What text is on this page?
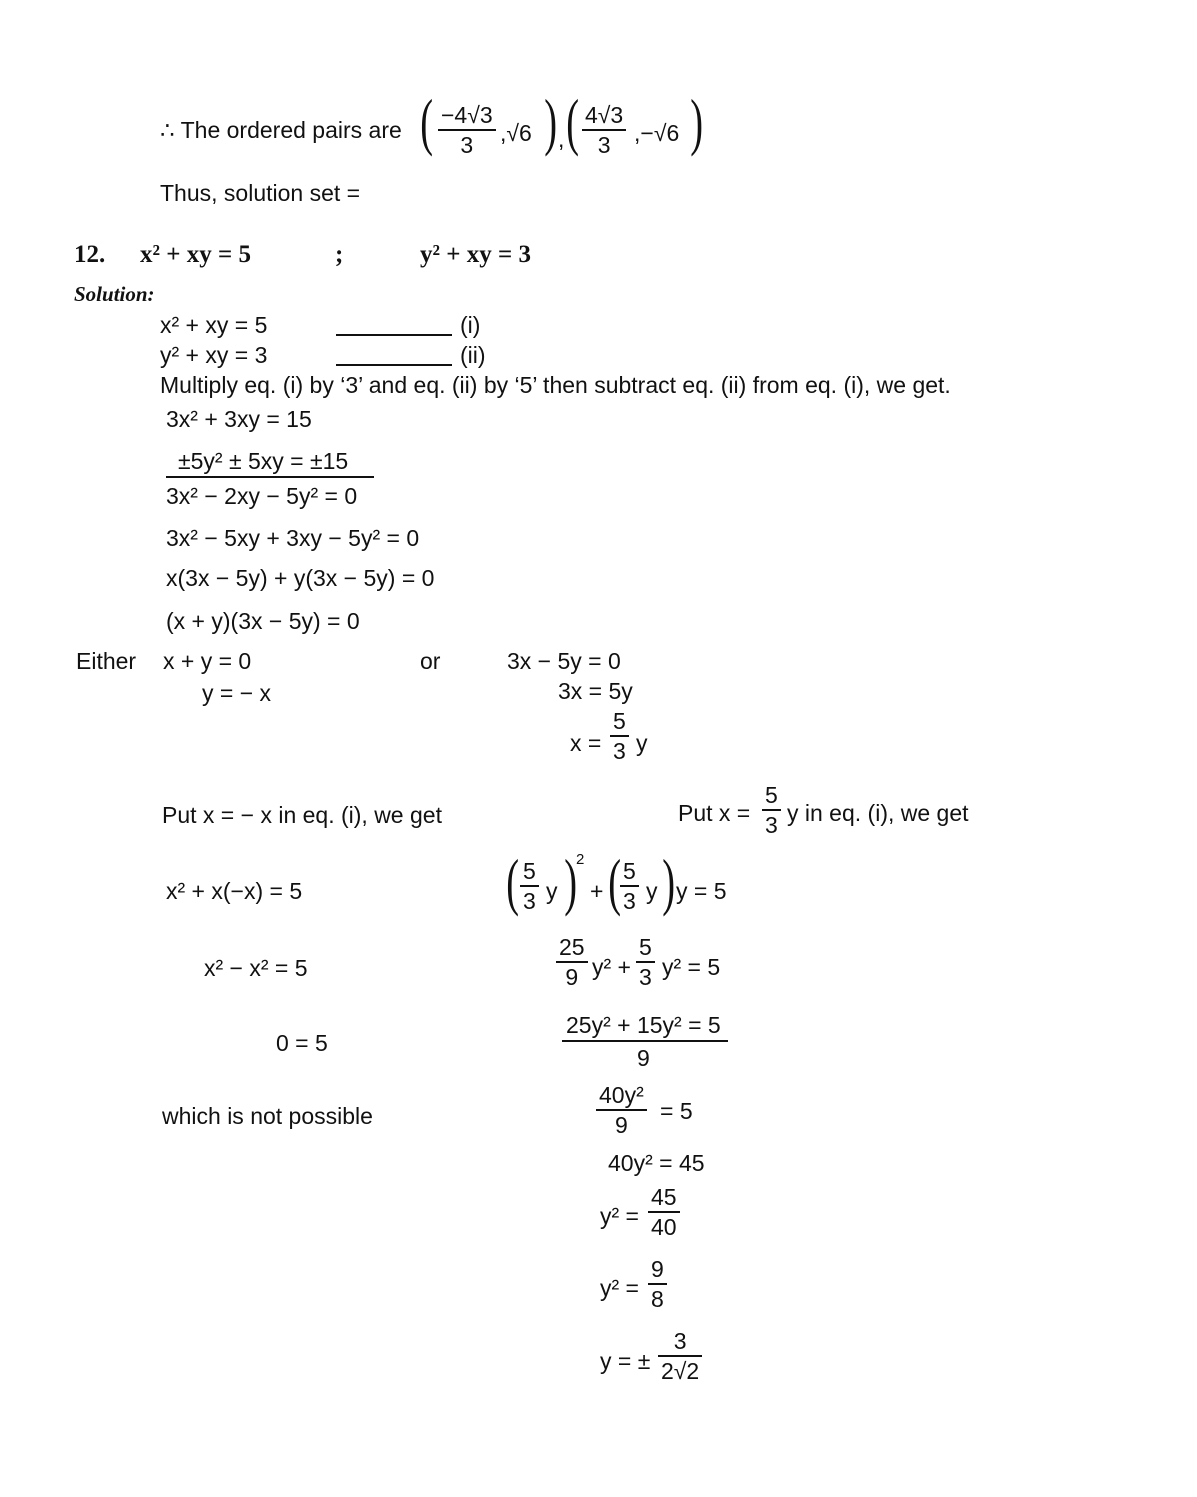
∴ The ordered pairs are ( $\frac{-4√3}{3} ,√6$ ) , ( $\frac{4√3}{3} ,-√6$ )
Thus, solution set =
12. x² + xy = 5	;	y² + xy = 3
Solution:
x² + xy = 5	(i)
y² + xy = 3	(ii)
Multiply eq. (i) by ‘3’ and eq. (ii) by ‘5’ then subtract eq. (ii) from eq. (i), we get.
3x² + 3xy = 15
±5y² ± 5xy = ±15
3x² − 2xy − 5y² = 0
3x² − 5xy + 3xy − 5y² = 0
x(3x − 5y) + y(3x − 5y) = 0
(x + y)(3x − 5y) = 0
Either x + y = 0
y = − x
or	3x − 5y = 0
3x = 5y
$x = \frac{5}{3}$ y
Put x = − x in eq. (i), we get
x² + x(−x) = 5
x² − x² = 5
0 = 5
which is not possible
Put $x = \frac{5}{3}$ y in eq. (i), we get
( $\frac{5}{3}$ y )
2
+ (
$\frac{5}{3}$ y ) y = 5
$\frac{25}{9} y^2 + \frac{5}{3} y^2 = 5$
25y² + 15y² = 5
9
$\frac{\text{40y²}}{9} = 5$
40y² = 45
$y^2 = \frac{45}{40}$
$y^2 = \frac{9}{8}$
y = ± $\frac{3}{2√2}$
